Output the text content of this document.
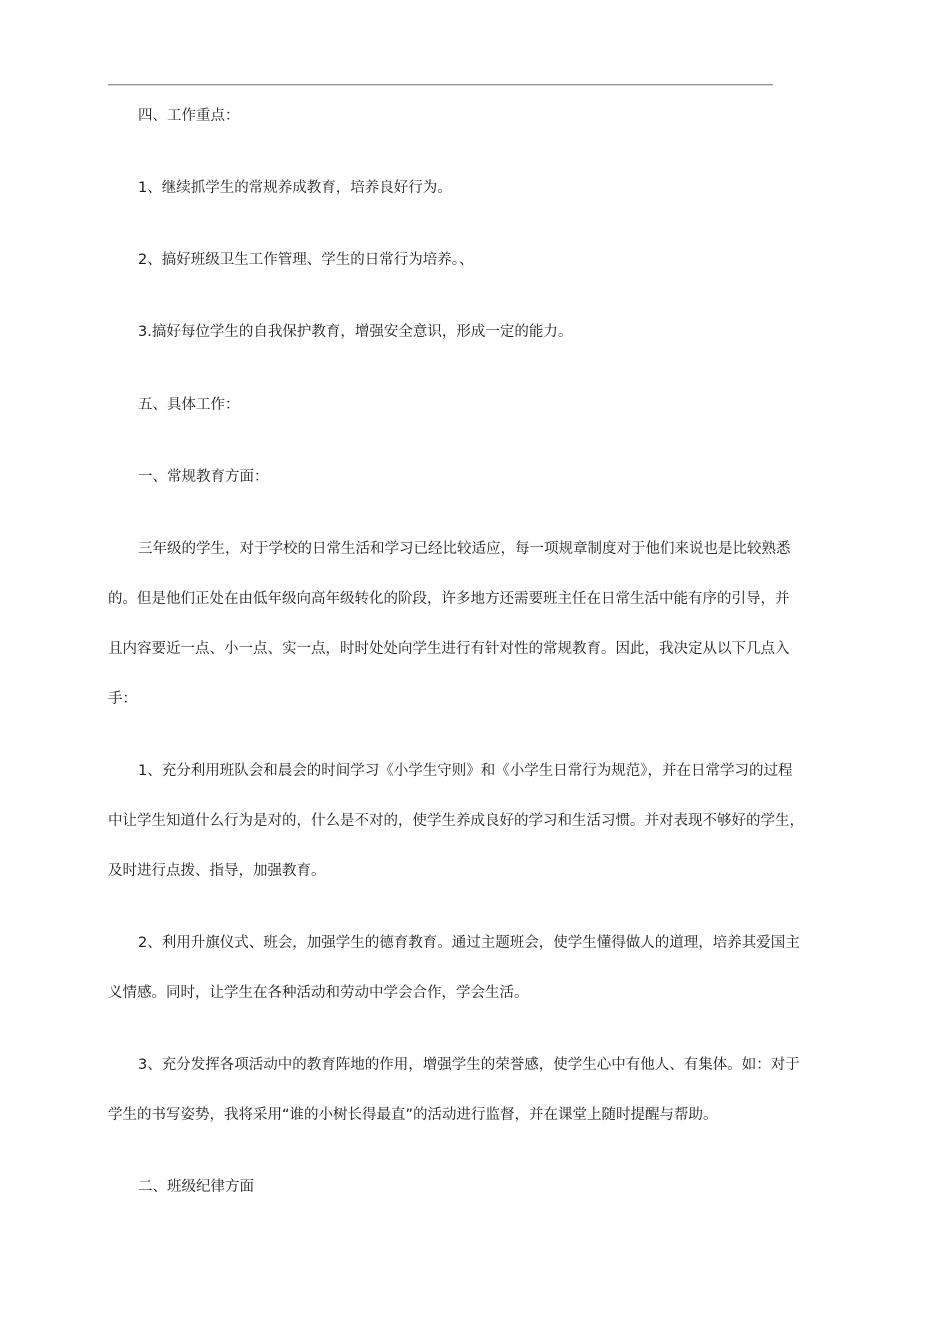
四、工作重点：

1、继续抓学生的常规养成教育，培养良好行为。

2、搞好班级卫生工作管理、学生的日常行为培养。、

3.搞好每位学生的自我保护教育，增强安全意识，形成一定的能力。

五、具体工作：

一、常规教育方面：

三年级的学生，对于学校的日常生活和学习已经比较适应，每一项规章制度对于他们来说也是比较熟悉

的。但是他们正处在由低年级向高年级转化的阶段，许多地方还需要班主任在日常生活中能有序的引导，并

且内容要近一点、小一点、实一点，时时处处向学生进行有针对性的常规教育。因此，我决定从以下几点入

手：

1、充分利用班队会和晨会的时间学习《小学生守则》和《小学生日常行为规范》，并在日常学习的过程

中让学生知道什么行为是对的，什么是不对的，使学生养成良好的学习和生活习惯。并对表现不够好的学生，

及时进行点拨、指导，加强教育。

2、利用升旗仪式、班会，加强学生的德育教育。通过主题班会，使学生懂得做人的道理，培养其爱国主

义情感。同时，让学生在各种活动和劳动中学会合作，学会生活。

3、充分发挥各项活动中的教育阵地的作用，增强学生的荣誉感，使学生心中有他人、有集体。如：对于

学生的书写姿势，我将采用“谁的小树长得最直”的活动进行监督，并在课堂上随时提醒与帮助。

二、班级纪律方面
